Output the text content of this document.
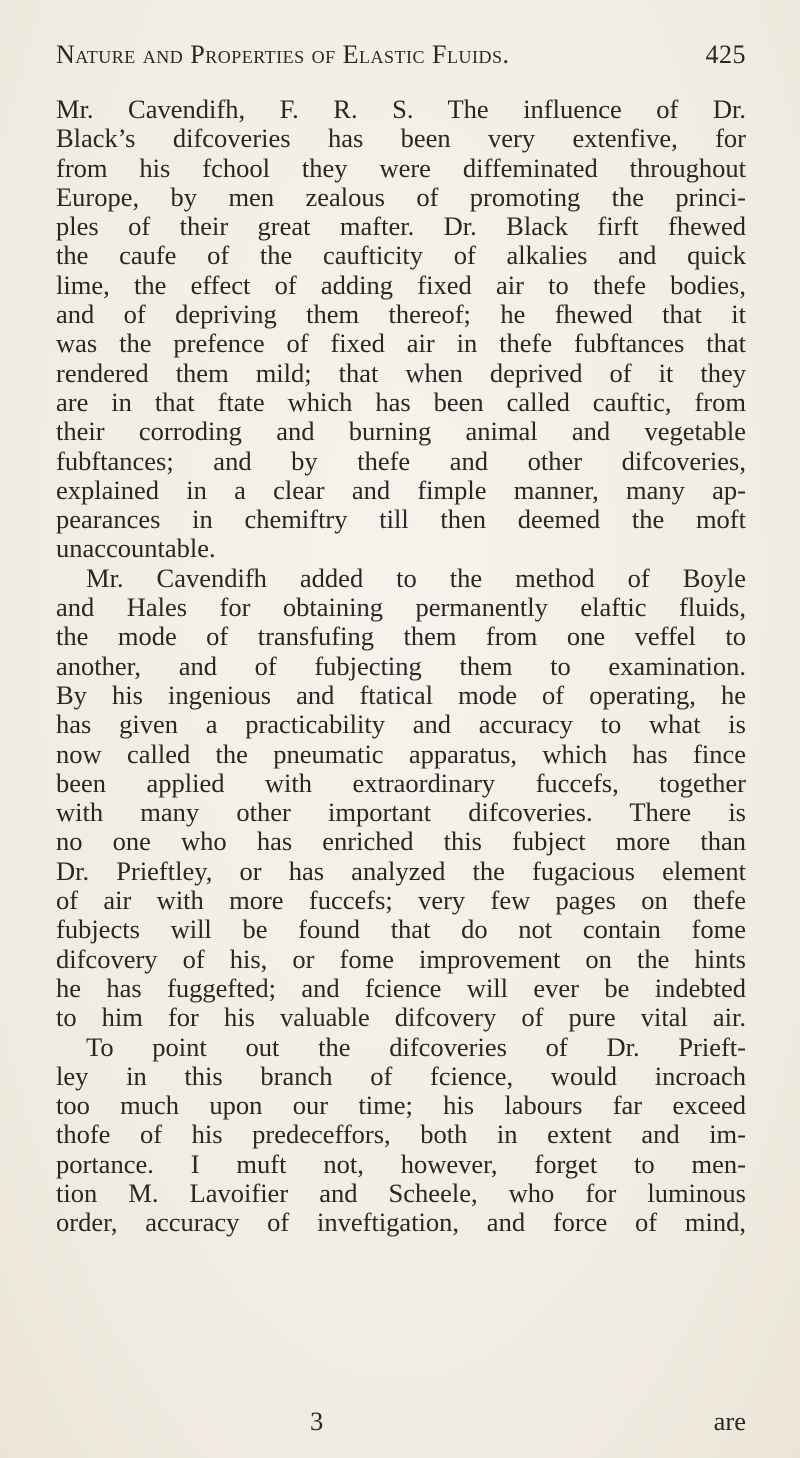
Nature and Properties of Elastic Fluids.	425
Mr. Cavendifh, F. R. S. The influence of Dr.
Black’s difcoveries has been very extenfive, for
from his fchool they were diffeminated throughout
Europe, by men zealous of promoting the princi-
ples of their great mafter. Dr. Black firft fhewed
the caufe of the caufticity of alkalies and quick
lime, the effect of adding fixed air to thefe bodies,
and of depriving them thereof; he fhewed that it
was the prefence of fixed air in thefe fubftances that
rendered them mild; that when deprived of it they
are in that ftate which has been called cauftic, from
their corroding and burning animal and vegetable
fubftances; and by thefe and other difcoveries,
explained in a clear and fimple manner, many ap-
pearances in chemiftry till then deemed the moft
unaccountable.
Mr. Cavendifh added to the method of Boyle
and Hales for obtaining permanently elaftic fluids,
the mode of transfufing them from one veffel to
another, and of fubjecting them to examination.
By his ingenious and ftatical mode of operating, he
has given a practicability and accuracy to what is
now called the pneumatic apparatus, which has fince
been applied with extraordinary fuccefs, together
with many other important difcoveries. There is
no one who has enriched this fubject more than
Dr. Prieftley, or has analyzed the fugacious element
of air with more fuccefs; very few pages on thefe
fubjects will be found that do not contain fome
difcovery of his, or fome improvement on the hints
he has fuggefted; and fcience will ever be indebted
to him for his valuable difcovery of pure vital air.
To point out the difcoveries of Dr. Prieft-
ley in this branch of fcience, would incroach
too much upon our time; his labours far exceed
thofe of his predeceffors, both in extent and im-
portance. I muft not, however, forget to men-
tion M. Lavoifier and Scheele, who for luminous
order, accuracy of inveftigation, and force of mind,
3	are
